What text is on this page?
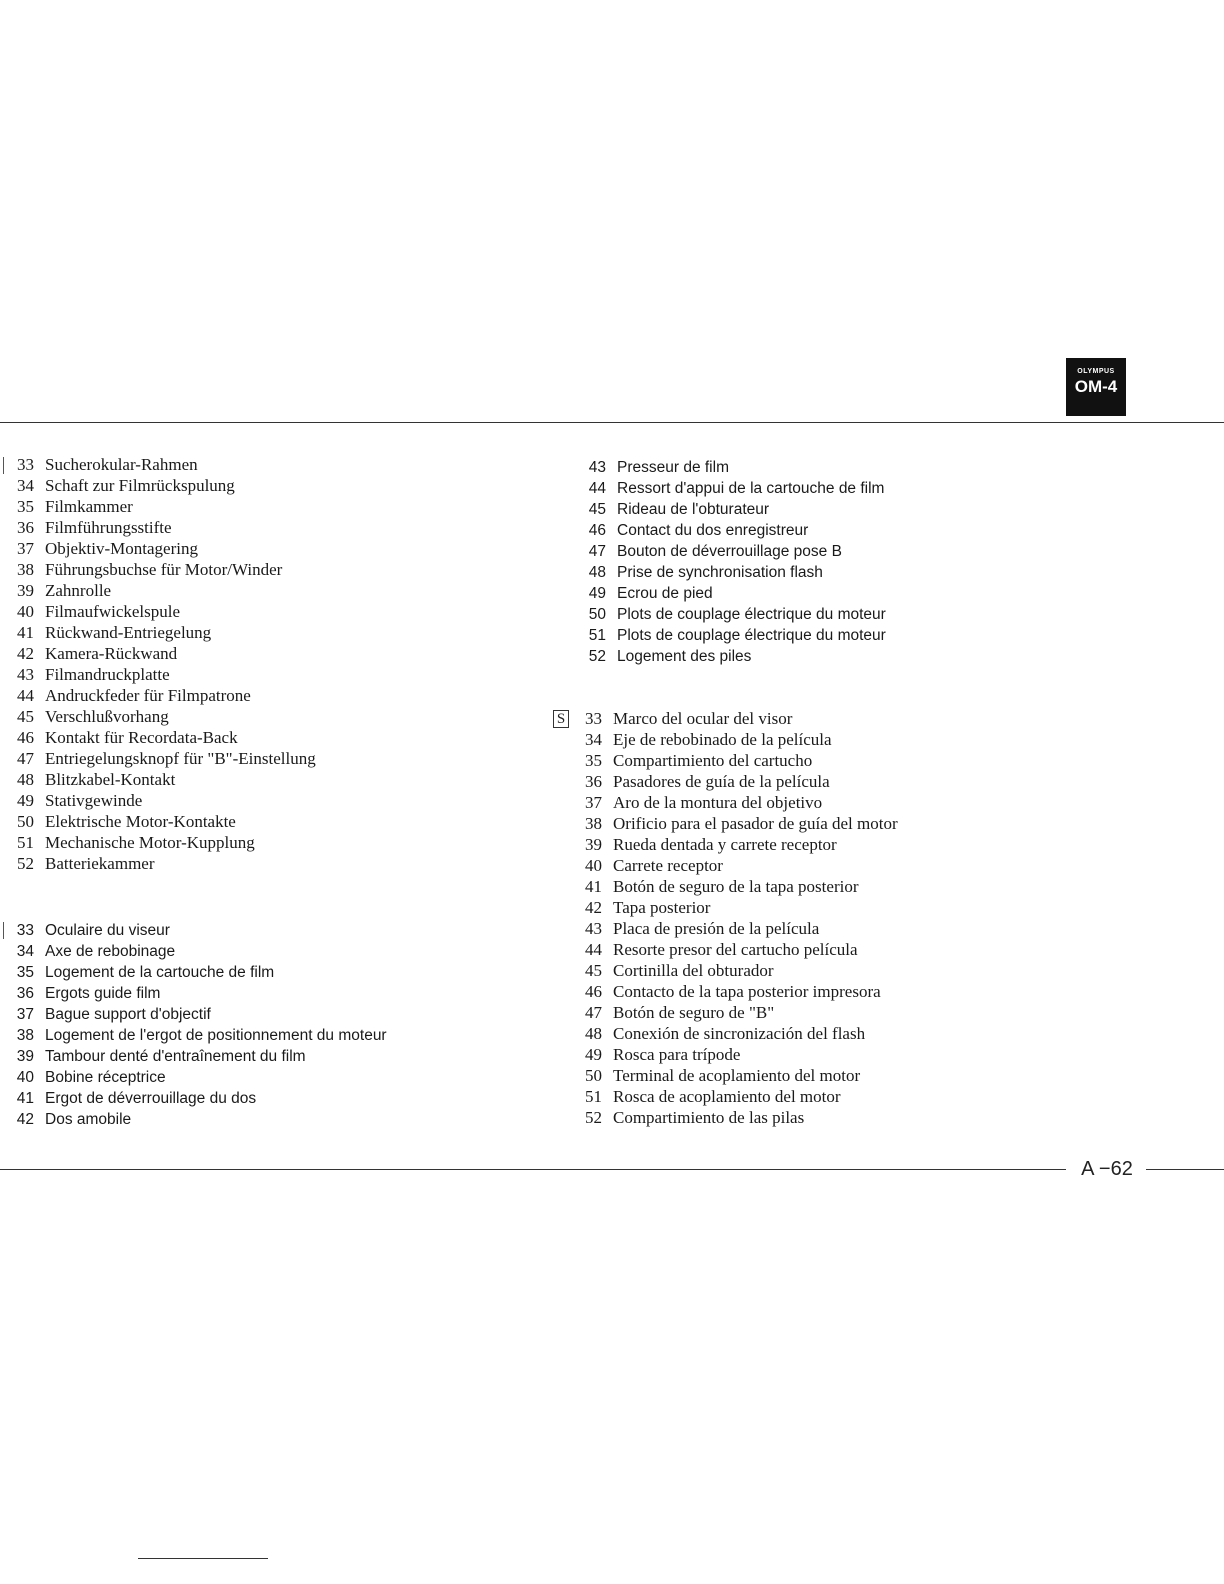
OLYMPUS
OM-4
33 Sucherokular-Rahmen
34 Schaft zur Filmrückspulung
35 Filmkammer
36 Filmführungsstifte
37 Objektiv-Montagering
38 Führungsbuchse für Motor/Winder
39 Zahnrolle
40 Filmaufwickelspule
41 Rückwand-Entriegelung
42 Kamera-Rückwand
43 Filmandruckplatte
44 Andruckfeder für Filmpatrone
45 Verschlußvorhang
46 Kontakt für Recordata-Back
47 Entriegelungsknopf für "B"-Einstellung
48 Blitzkabel-Kontakt
49 Stativgewinde
50 Elektrische Motor-Kontakte
51 Mechanische Motor-Kupplung
52 Batteriekammer
33 Oculaire du viseur
34 Axe de rebobinage
35 Logement de la cartouche de film
36 Ergots guide film
37 Bague support d'objectif
38 Logement de l'ergot de positionnement du moteur
39 Tambour denté d'entraînement du film
40 Bobine réceptrice
41 Ergot de déverrouillage du dos
42 Dos amobile
43 Presseur de film
44 Ressort d'appui de la cartouche de film
45 Rideau de l'obturateur
46 Contact du dos enregistreur
47 Bouton de déverrouillage pose B
48 Prise de synchronisation flash
49 Ecrou de pied
50 Plots de couplage électrique du moteur
51 Plots de couplage électrique du moteur
52 Logement des piles
S	33 Marco del ocular del visor
34 Eje de rebobinado de la película
35 Compartimiento del cartucho
36 Pasadores de guía de la película
37 Aro de la montura del objetivo
38 Orificio para el pasador de guía del motor
39 Rueda dentada y carrete receptor
40 Carrete receptor
41 Botón de seguro de la tapa posterior
42 Tapa posterior
43 Placa de presión de la película
44 Resorte presor del cartucho película
45 Cortinilla del obturador
46 Contacto de la tapa posterior impresora
47 Botón de seguro de "B"
48 Conexión de sincronización del flash
49 Rosca para trípode
50 Terminal de acoplamiento del motor
51 Rosca de acoplamiento del motor
52 Compartimiento de las pilas
A −62
